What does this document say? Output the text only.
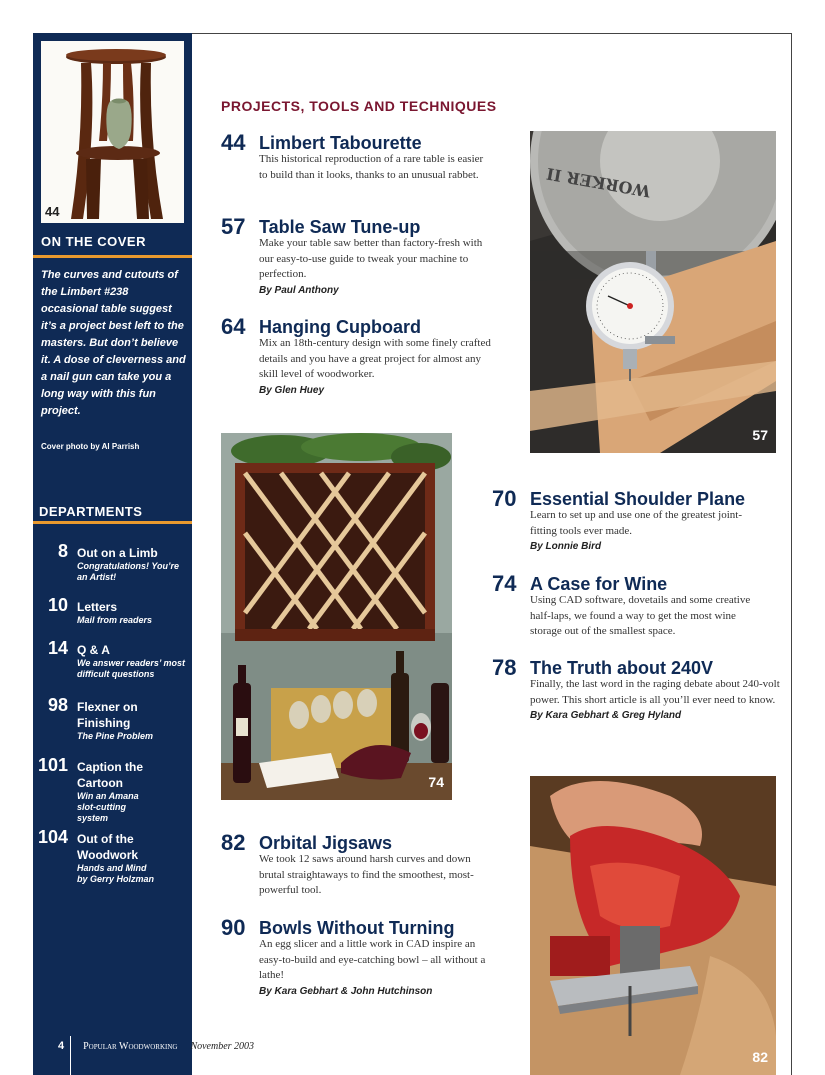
44
ON THE COVER
The curves and cutouts of the Limbert #238 occasional table suggest it’s a project best left to the masters. But don’t believe it. A dose of cleverness and a nail gun can take you a long way with this fun project.
Cover photo by Al Parrish
DEPARTMENTS
8 Out on a Limb
Congratulations! You’re an Artist!
10 Letters
Mail from readers
14 Q & A
We answer readers’ most difficult questions
98 Flexner on Finishing
The Pine Problem
101 Caption the Cartoon
Win an Amana slot-cutting system
104 Out of the Woodwork
Hands and Mind by Gerry Holzman
PROJECTS, TOOLS AND TECHNIQUES
44 Limbert Tabourette
This historical reproduction of a rare table is easier to build than it looks, thanks to an unusual rabbet.
57 Table Saw Tune-up
Make your table saw better than factory-fresh with our easy-to-use guide to tweak your machine to perfection.
By Paul Anthony
64 Hanging Cupboard
Mix an 18th-century design with some finely crafted details and you have a great project for almost any skill level of woodworker.
By Glen Huey
WORKER II
57
74
70 Essential Shoulder Plane
Learn to set up and use one of the greatest joint-fitting tools ever made.
By Lonnie Bird
74 A Case for Wine
Using CAD software, dovetails and some creative half-laps, we found a way to get the most wine storage out of the smallest space.
78 The Truth about 240V
Finally, the last word in the raging debate about 240-volt power. This short article is all you’ll ever need to know.
By Kara Gebhart & Greg Hyland
82
82 Orbital Jigsaws
We took 12 saws around harsh curves and down brutal straightaways to find the smoothest, most-powerful tool.
90 Bowls Without Turning
An egg slicer and a little work in CAD inspire an easy-to-build and eye-catching bowl – all without a lathe!
By Kara Gebhart & John Hutchinson
4 Popular Woodworking November 2003
